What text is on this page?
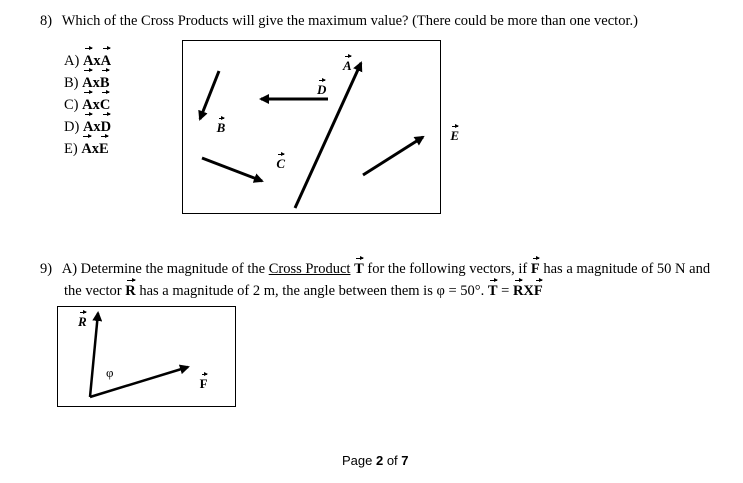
8) Which of the Cross Products will give the maximum value? (There could be more than one vector.)
A) AxA
B) AxB
C) AxC
D) AxD
E) AxE
A B C D E
9) A) Determine the magnitude of the Cross Product T for the following vectors, if F has a magnitude of 50 N and
the vector R has a magnitude of 2 m, the angle between them is φ = 50°. T = RXF
R
φ
F
Page 2 of 7
